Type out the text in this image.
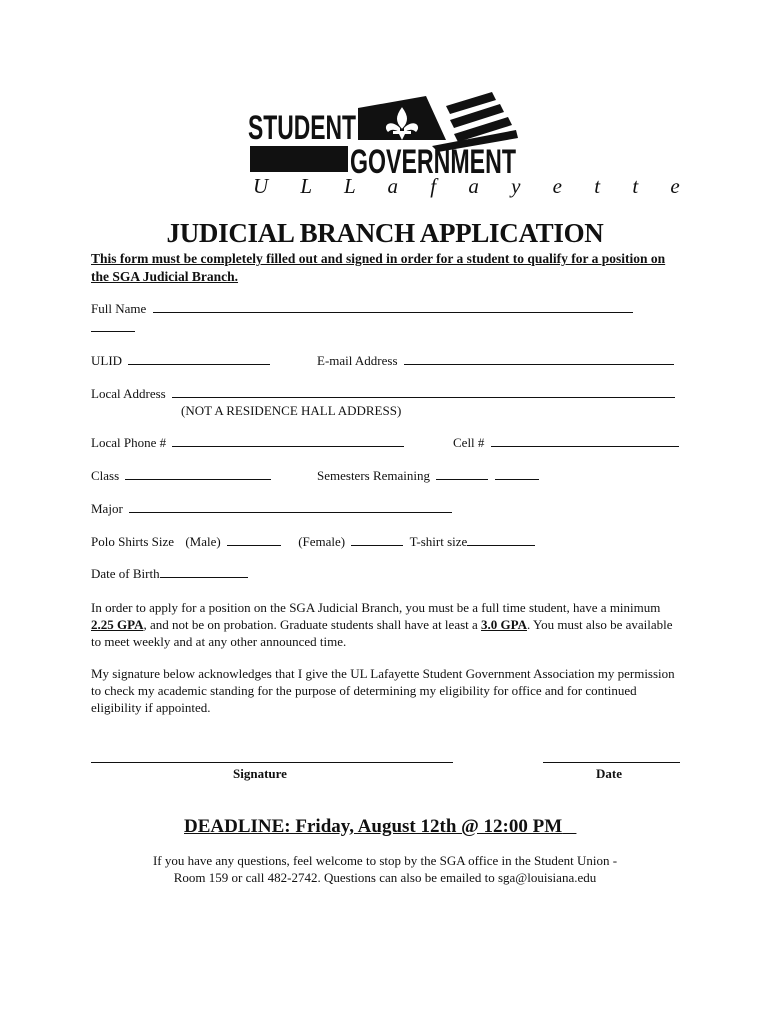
STUDENT
GOVERNMENT
U L L a f a y e t t e
JUDICIAL BRANCH APPLICATION
This form must be completely filled out and signed in order for a student to qualify for a position on the SGA Judicial Branch.
Full Name
ULID	E-mail Address
Local Address
(NOT A RESIDENCE HALL ADDRESS)
Local Phone #	Cell #
Class	Semesters Remaining
Major
Polo Shirts Size (Male)	(Female)	T-shirt size
Date of Birth
In order to apply for a position on the SGA Judicial Branch, you must be a full time student, have a minimum 2.25 GPA, and not be on probation. Graduate students shall have at least a 3.0 GPA. You must also be available to meet weekly and at any other announced time.
My signature below acknowledges that I give the UL Lafayette Student Government Association my permission to check my academic standing for the purpose of determining my eligibility for office and for continued eligibility if appointed.
Signature	Date
DEADLINE: Friday, August 12th @ 12:00 PM
If you have any questions, feel welcome to stop by the SGA office in the Student Union -
Room 159 or call 482-2742. Questions can also be emailed to sga@louisiana.edu
